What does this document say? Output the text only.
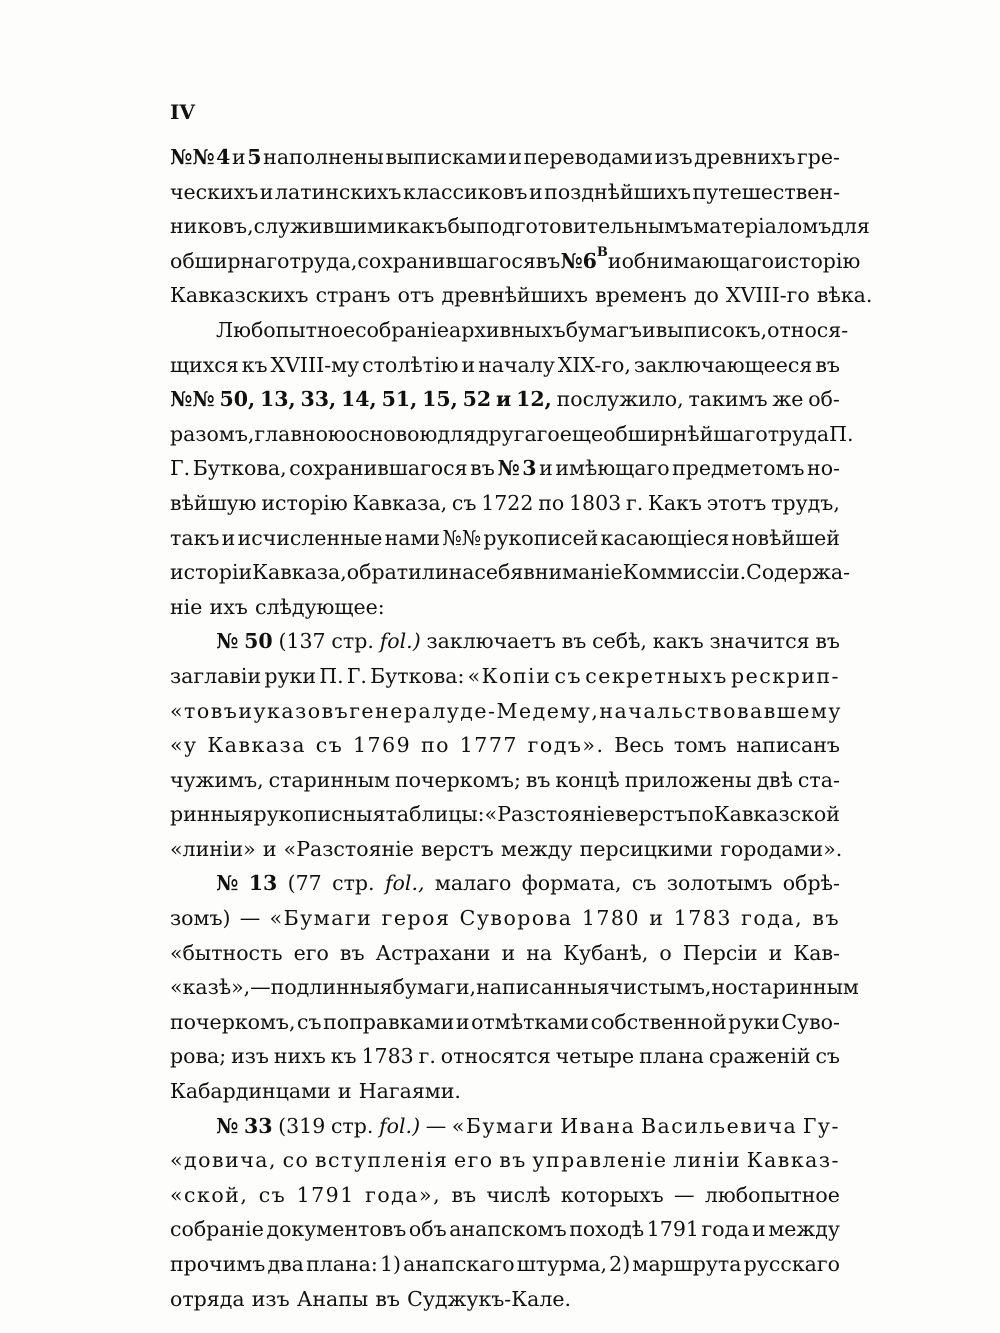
IV
№№ 4 и 5 наполнены выписками и переводами изъ древнихъ гре-
ческихъ и латинскихъ классиковъ и позднѣйшихъ путешествен-
никовъ, служившими какъ бы подготовительнымъ матеріаломъ для
обширнаго труда, сохранившагося въ № 6 B и обнимающаго исторію
Кавказскихъ странъ отъ древнѣйшихъ временъ до XVIII-го вѣка.
Любопытное собраніе архивныхъ бумагъ и выписокъ, относя-
щихся къ XVIII-му столѣтію и началу XIX-го, заключающееся въ
№№ 50, 13, 33, 14, 51, 15, 52 и 12, послужило, такимъ же об-
разомъ, главною основою для другаго еще обширнѣйшаго труда П.
Г. Буткова, сохранившагося въ № 3 и имѣющаго предметомъ но-
вѣйшую исторію Кавказа, съ 1722 по 1803 г. Какъ этотъ трудъ,
такъ и исчисленные нами №№ рукописей касающіеся новѣйшей
исторіи Кавказа, обратили на себя вниманіе Коммиссіи. Содержа-
ніе ихъ слѣдующее:
№ 50 (137 стр. fol.) заключаетъ въ себѣ, какъ значится въ
заглавіи руки П. Г. Буткова: «Копіи съ секретныхъ рескрип-
«товъ и указовъ генералу де-Медему, начальствовавшему
«у Кавказа съ 1769 по 1777 годъ». Весь томъ написанъ
чужимъ, старинным почеркомъ; въ концѣ приложены двѣ ста-
ринныя рукописныя таблицы: «Разстояніе верстъ по Кавказской
«линіи» и «Разстояніе верстъ между персицкими городами».
№ 13 (77 стр. fol., малаго формата, съ золотымъ обрѣ-
зомъ) — «Бумаги героя Суворова 1780 и 1783 года, въ
«бытность его въ Астрахани и на Кубанѣ, о Персіи и Кав-
«казѣ»,—подлинныя бумаги, написанныя чистымъ, но старинным
почеркомъ, съ поправками и отмѣтками собственной руки Суво-
рова; изъ нихъ къ 1783 г. относятся четыре плана сраженій съ
Кабардинцами и Нагаями.
№ 33 (319 стр. fol.) — «Бумаги Ивана Васильевича Гу-
«довича, со вступленія его въ управленіе линіи Кавказ-
«ской, съ 1791 года», въ числѣ которыхъ — любопытное
собраніе документовъ объ анапскомъ походѣ 1791 года и между
прочимъ два плана: 1) анапскаго штурма, 2) маршрута русскаго
отряда изъ Анапы въ Суджукъ-Кале.
